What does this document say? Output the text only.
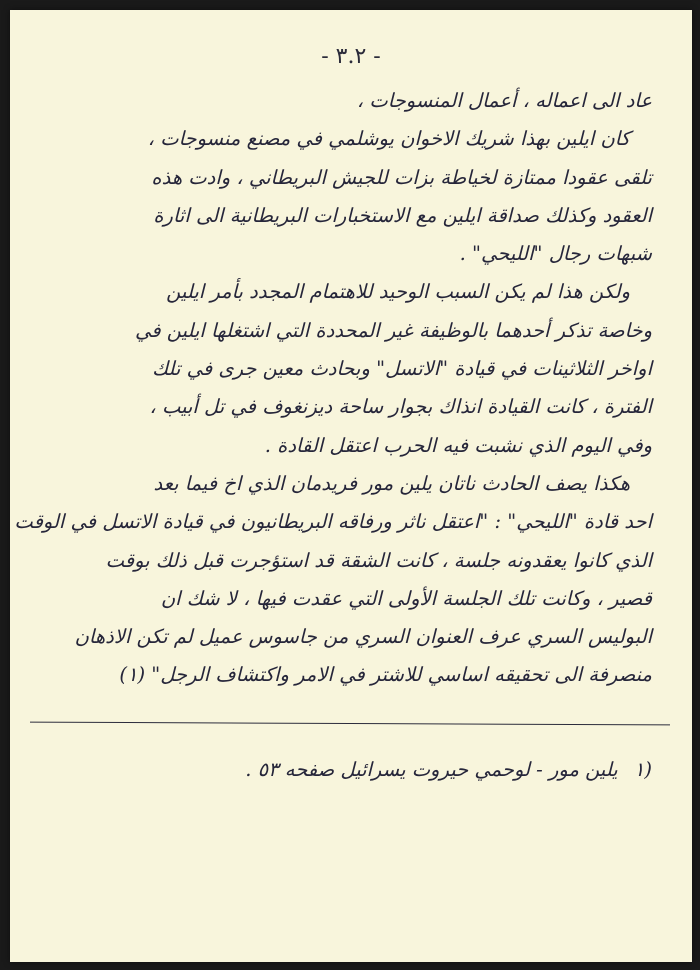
- ٣.٢ -
عاد الى اعماله ، أعمال المنسوجات ،
كان ايلين بهذا شريك الاخوان يوشلمي في مصنع منسوجات ،
تلقى عقودا ممتازة لخياطة بزات للجيش البريطاني ، وادت هذه
العقود وكذلك صداقة ايلين مع الاستخبارات البريطانية الى اثارة
شبهات رجال "الليحي" .
ولكن هذا لم يكن السبب الوحيد للاهتمام المجدد بأمر ايلين
وخاصة تذكر أحدهما بالوظيفة غير المحددة التي اشتغلها ايلين في
اواخر الثلاثينات في قيادة "الاتسل" وبحادث معين جرى في تلك
الفترة ، كانت القيادة انذاك بجوار ساحة ديزنغوف في تل أبيب ،
وفي اليوم الذي نشبت فيه الحرب اعتقل القادة .
هكذا يصف الحادث ناتان يلين مور فريدمان الذي اخ فيما بعد
احد قادة "الليحي" : "اعتقل ناثر ورفاقه البريطانيون في قيادة الاتسل في الوقت
الذي كانوا يعقدونه جلسة ، كانت الشقة قد استؤجرت قبل ذلك بوقت
قصير ، وكانت تلك الجلسة الأولى التي عقدت فيها ، لا شك ان
البوليس السري عرف العنوان السري من جاسوس عميل لم تكن الاذهان
منصرفة الى تحقيقه اساسي للاشتر في الامر واكتشاف الرجل" (١)
(١ يلين مور - لوحمي حيروت يسرائيل صفحه ٥٣ .
